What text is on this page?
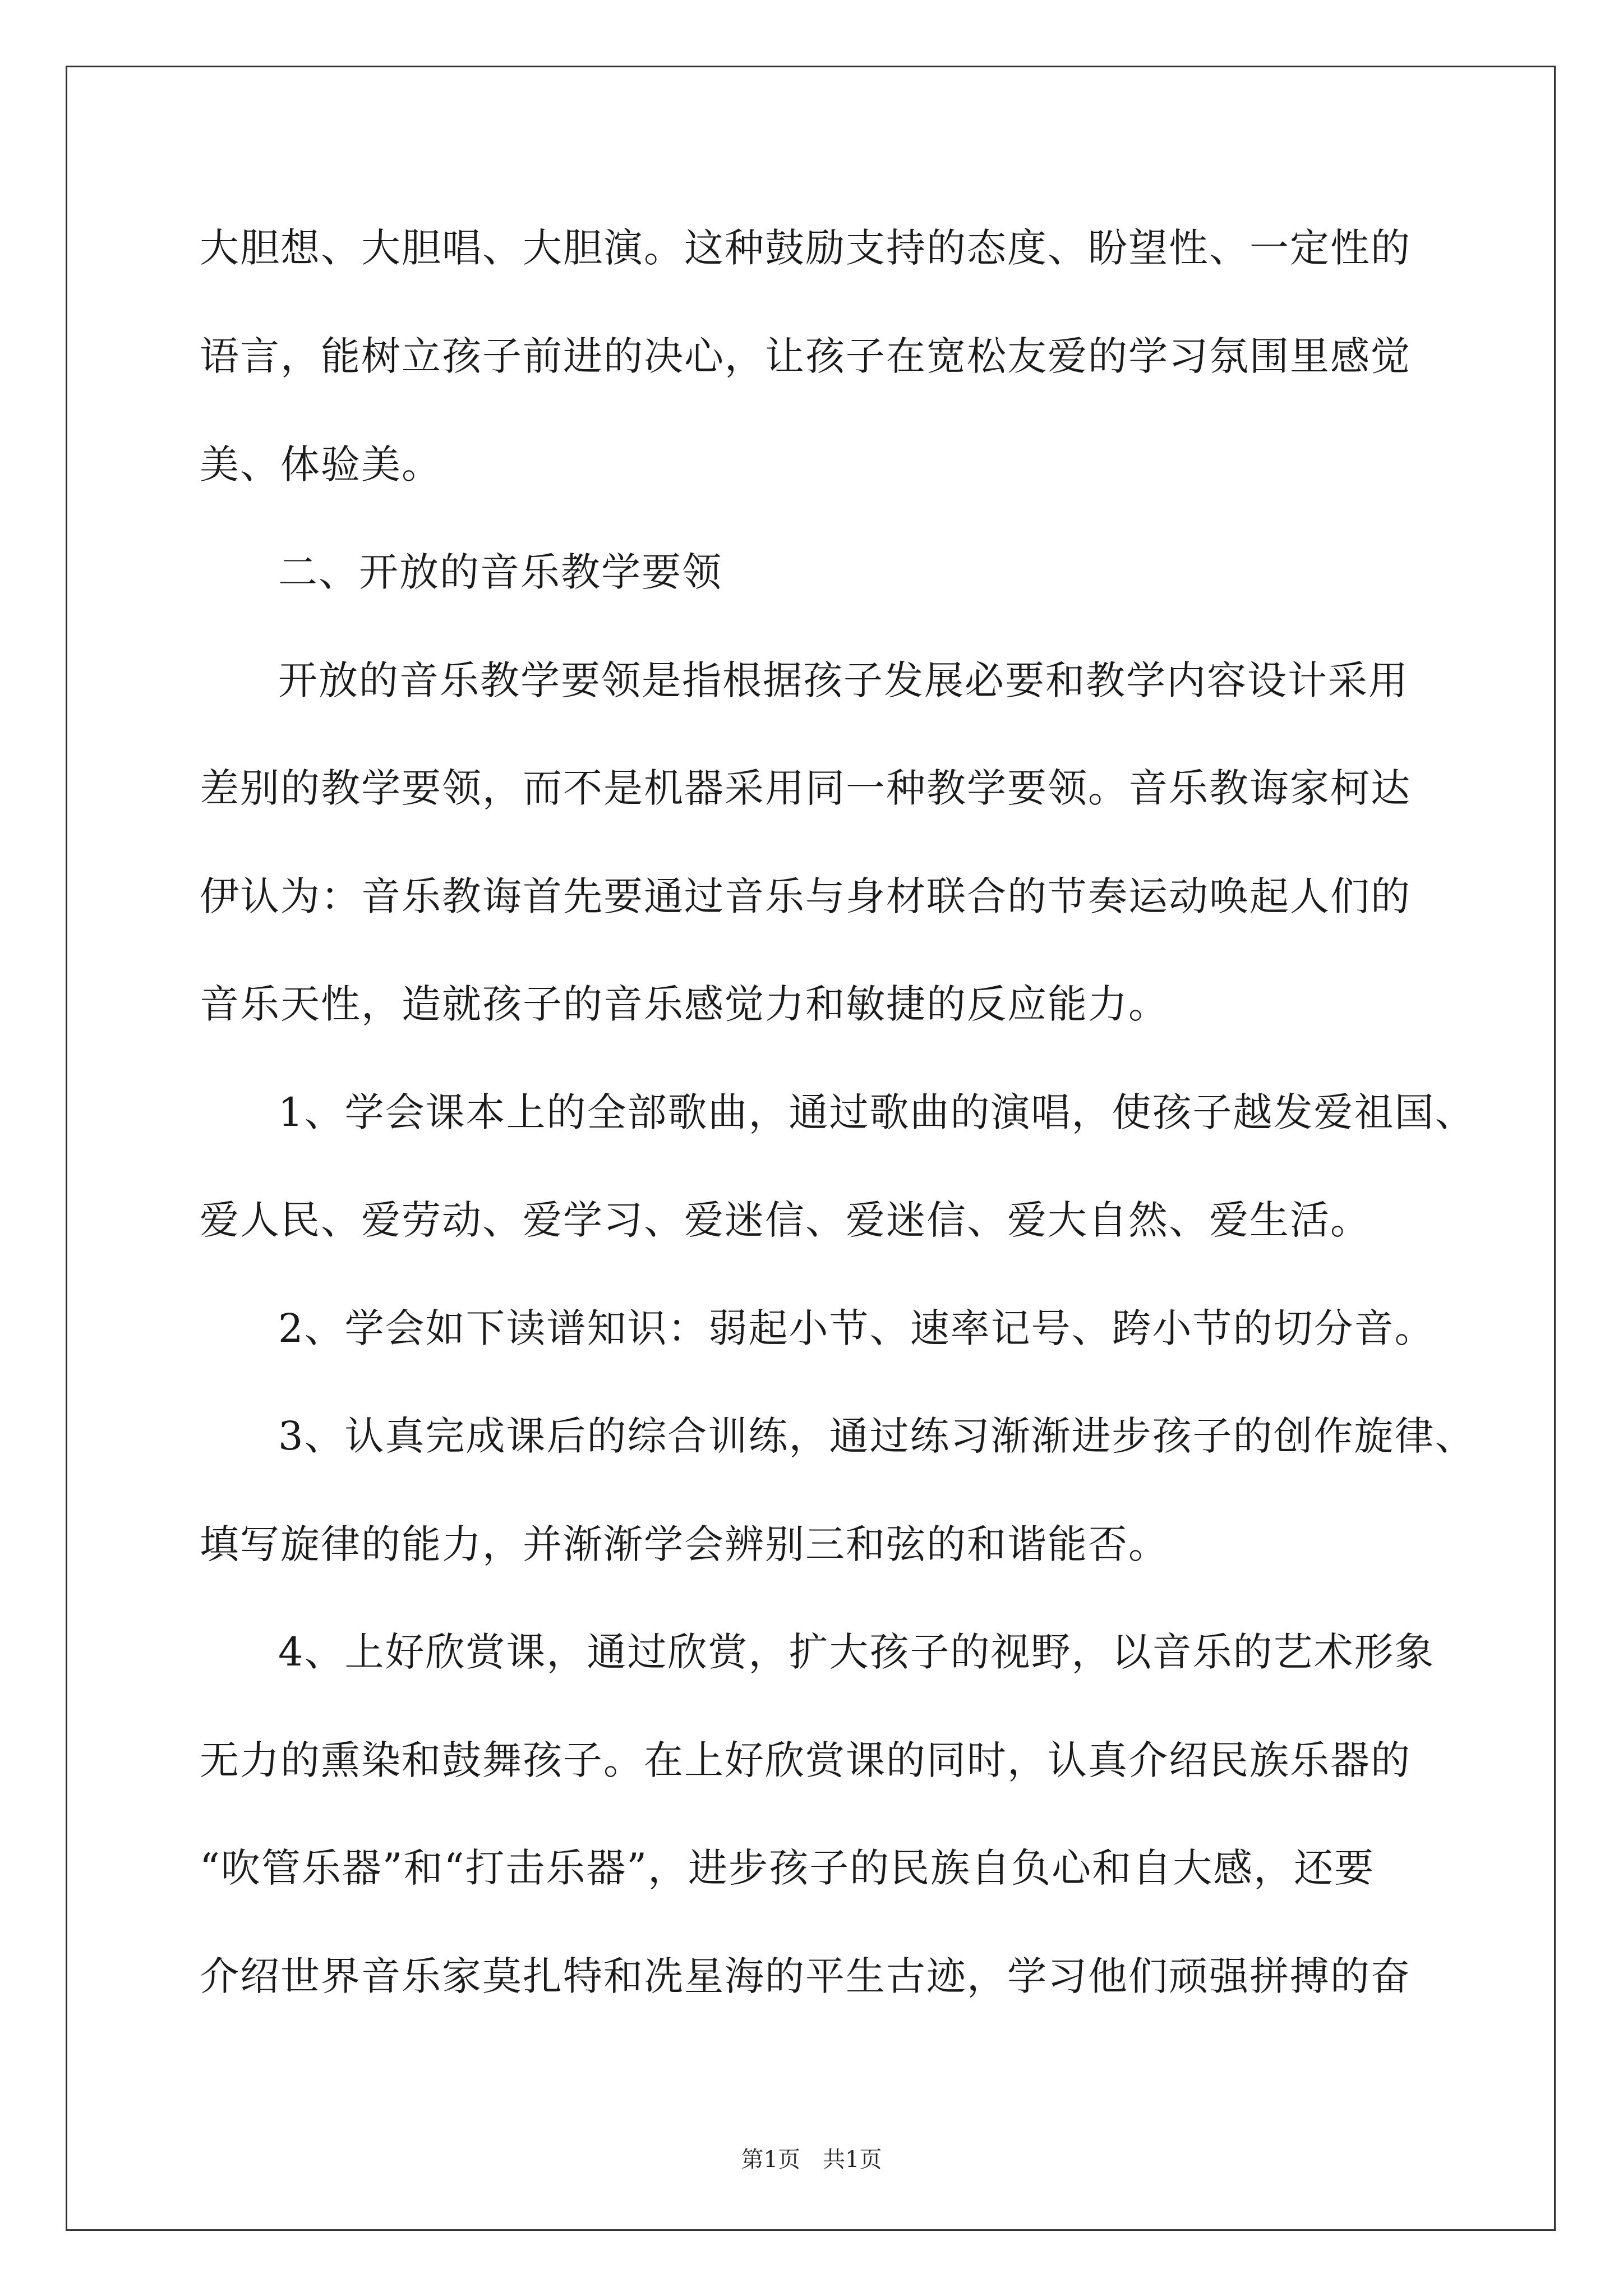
大胆想、大胆唱、大胆演。这种鼓励支持的态度、盼望性、一定性的
语言，能树立孩子前进的决心，让孩子在宽松友爱的学习氛围里感觉
美、体验美。
二、开放的音乐教学要领
开放的音乐教学要领是指根据孩子发展必要和教学内容设计采用
差别的教学要领，而不是机器采用同一种教学要领。音乐教诲家柯达
伊认为：音乐教诲首先要通过音乐与身材联合的节奏运动唤起人们的
音乐天性，造就孩子的音乐感觉力和敏捷的反应能力。
1、学会课本上的全部歌曲，通过歌曲的演唱，使孩子越发爱祖国、
爱人民、爱劳动、爱学习、爱迷信、爱迷信、爱大自然、爱生活。
2、学会如下读谱知识：弱起小节、速率记号、跨小节的切分音。
3、认真完成课后的综合训练，通过练习渐渐进步孩子的创作旋律、
填写旋律的能力，并渐渐学会辨别三和弦的和谐能否。
4、上好欣赏课，通过欣赏，扩大孩子的视野，以音乐的艺术形象
无力的熏染和鼓舞孩子。在上好欣赏课的同时，认真介绍民族乐器的
“吹管乐器”和“打击乐器”，进步孩子的民族自负心和自大感，还要
介绍世界音乐家莫扎特和冼星海的平生古迹，学习他们顽强拼搏的奋
第1页　共1页
